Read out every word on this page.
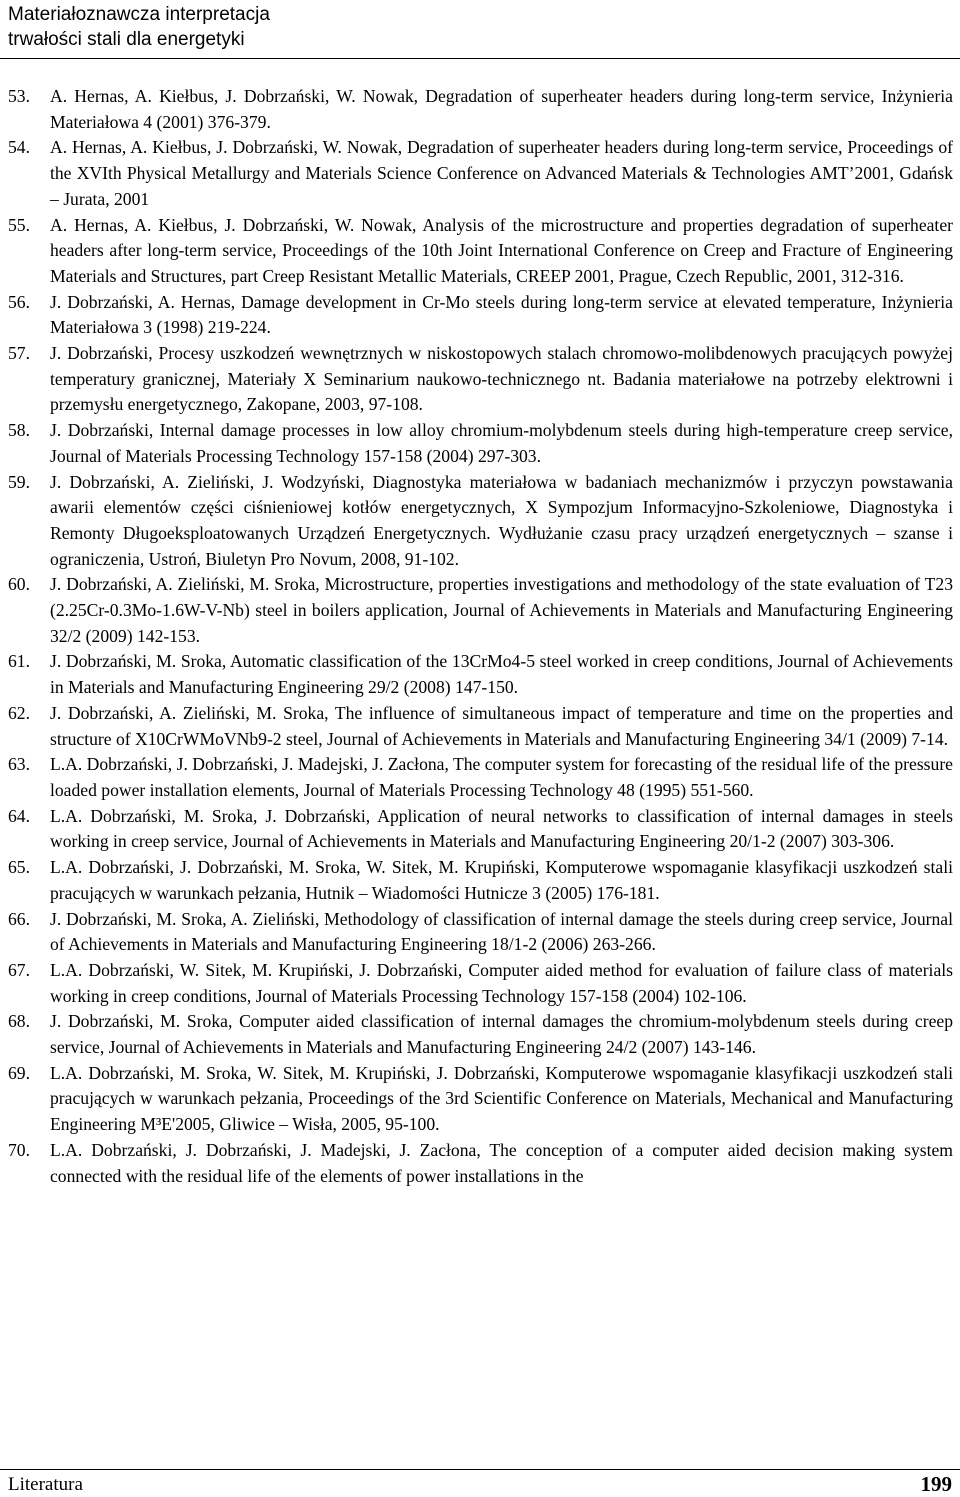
Materiałoznawcza interpretacja
trwałości stali dla energetyki
53. A. Hernas, A. Kiełbus, J. Dobrzański, W. Nowak, Degradation of superheater headers during long-term service, Inżynieria Materiałowa 4 (2001) 376-379.
54. A. Hernas, A. Kiełbus, J. Dobrzański, W. Nowak, Degradation of superheater headers during long-term service, Proceedings of the XVIth Physical Metallurgy and Materials Science Conference on Advanced Materials & Technologies AMT’2001, Gdańsk – Jurata, 2001
55. A. Hernas, A. Kiełbus, J. Dobrzański, W. Nowak, Analysis of the microstructure and properties degradation of superheater headers after long-term service, Proceedings of the 10th Joint International Conference on Creep and Fracture of Engineering Materials and Structures, part Creep Resistant Metallic Materials, CREEP 2001, Prague, Czech Republic, 2001, 312-316.
56. J. Dobrzański, A. Hernas, Damage development in Cr-Mo steels during long-term service at elevated temperature, Inżynieria Materiałowa 3 (1998) 219-224.
57. J. Dobrzański, Procesy uszkodzeń wewnętrznych w niskostopowych stalach chromowo-molibdenowych pracujących powyżej temperatury granicznej, Materiały X Seminarium naukowo-technicznego nt. Badania materiałowe na potrzeby elektrowni i przemysłu energetycznego, Zakopane, 2003, 97-108.
58. J. Dobrzański, Internal damage processes in low alloy chromium-molybdenum steels during high-temperature creep service, Journal of Materials Processing Technology 157-158 (2004) 297-303.
59. J. Dobrzański, A. Zieliński, J. Wodzyński, Diagnostyka materiałowa w badaniach mechanizmów i przyczyn powstawania awarii elementów części ciśnieniowej kotłów energetycznych, X Sympozjum Informacyjno-Szkoleniowe, Diagnostyka i Remonty Długoeksploatowanych Urządzeń Energetycznych. Wydłużanie czasu pracy urządzeń energetycznych – szanse i ograniczenia, Ustroń, Biuletyn Pro Novum, 2008, 91-102.
60. J. Dobrzański, A. Zieliński, M. Sroka, Microstructure, properties investigations and methodology of the state evaluation of T23 (2.25Cr-0.3Mo-1.6W-V-Nb) steel in boilers application, Journal of Achievements in Materials and Manufacturing Engineering 32/2 (2009) 142-153.
61. J. Dobrzański, M. Sroka, Automatic classification of the 13CrMo4-5 steel worked in creep conditions, Journal of Achievements in Materials and Manufacturing Engineering 29/2 (2008) 147-150.
62. J. Dobrzański, A. Zieliński, M. Sroka, The influence of simultaneous impact of temperature and time on the properties and structure of X10CrWMoVNb9-2 steel, Journal of Achievements in Materials and Manufacturing Engineering 34/1 (2009) 7-14.
63. L.A. Dobrzański, J. Dobrzański, J. Madejski, J. Zacłona, The computer system for forecasting of the residual life of the pressure loaded power installation elements, Journal of Materials Processing Technology 48 (1995) 551-560.
64. L.A. Dobrzański, M. Sroka, J. Dobrzański, Application of neural networks to classification of internal damages in steels working in creep service, Journal of Achievements in Materials and Manufacturing Engineering 20/1-2 (2007) 303-306.
65. L.A. Dobrzański, J. Dobrzański, M. Sroka, W. Sitek, M. Krupiński, Komputerowe wspomaganie klasyfikacji uszkodzeń stali pracujących w warunkach pełzania, Hutnik – Wiadomości Hutnicze 3 (2005) 176-181.
66. J. Dobrzański, M. Sroka, A. Zieliński, Methodology of classification of internal damage the steels during creep service, Journal of Achievements in Materials and Manufacturing Engineering 18/1-2 (2006) 263-266.
67. L.A. Dobrzański, W. Sitek, M. Krupiński, J. Dobrzański, Computer aided method for evaluation of failure class of materials working in creep conditions, Journal of Materials Processing Technology 157-158 (2004) 102-106.
68. J. Dobrzański, M. Sroka, Computer aided classification of internal damages the chromium-molybdenum steels during creep service, Journal of Achievements in Materials and Manufacturing Engineering 24/2 (2007) 143-146.
69. L.A. Dobrzański, M. Sroka, W. Sitek, M. Krupiński, J. Dobrzański, Komputerowe wspomaganie klasyfikacji uszkodzeń stali pracujących w warunkach pełzania, Proceedings of the 3rd Scientific Conference on Materials, Mechanical and Manufacturing Engineering M³E'2005, Gliwice – Wisła, 2005, 95-100.
70. L.A. Dobrzański, J. Dobrzański, J. Madejski, J. Zacłona, The conception of a computer aided decision making system connected with the residual life of the elements of power installations in the
Literatura	199
